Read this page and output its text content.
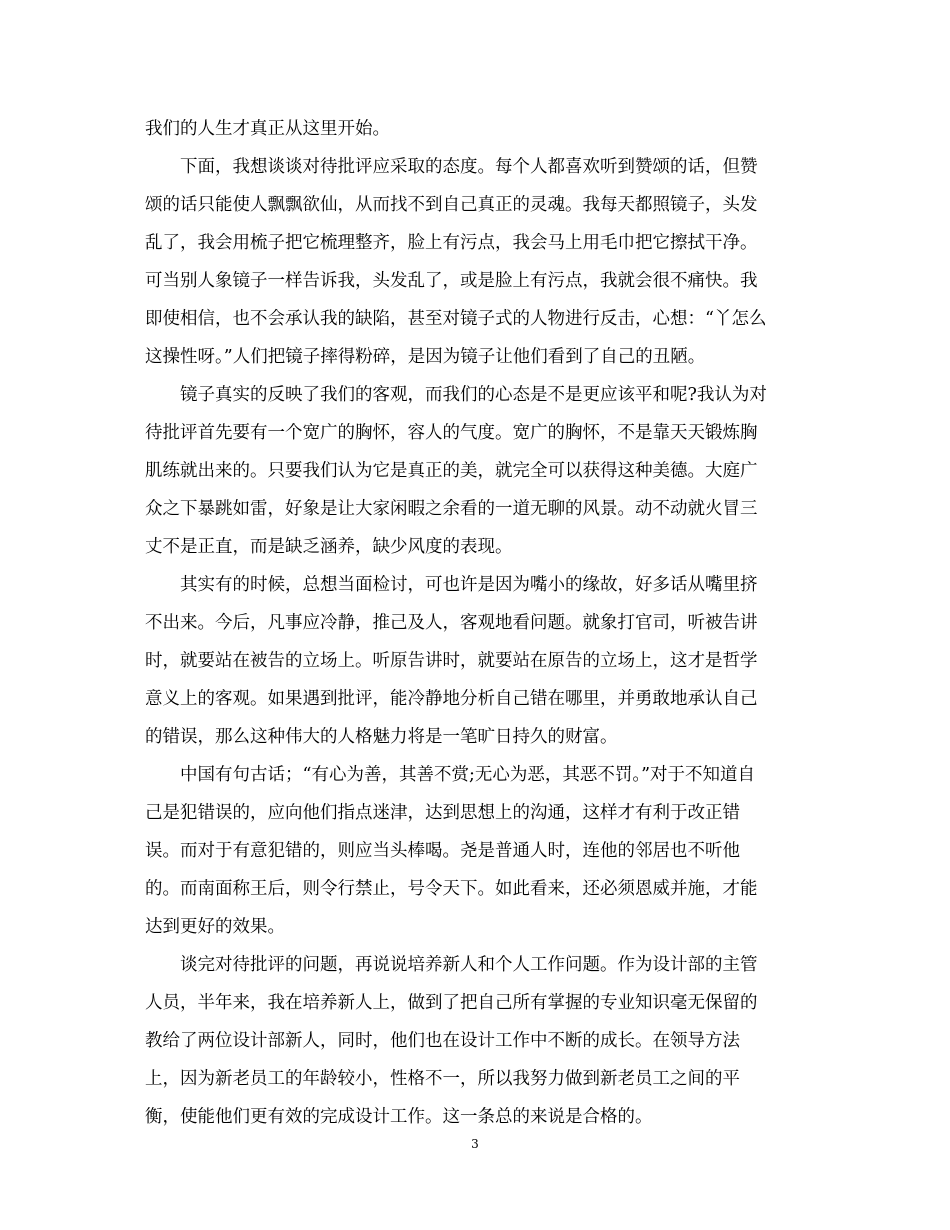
我们的人生才真正从这里开始。
下面，我想谈谈对待批评应采取的态度。每个人都喜欢听到赞颂的话，但赞
颂的话只能使人飘飘欲仙，从而找不到自己真正的灵魂。我每天都照镜子，头发
乱了，我会用梳子把它梳理整齐，脸上有污点，我会马上用毛巾把它擦拭干净。
可当别人象镜子一样告诉我，头发乱了，或是脸上有污点，我就会很不痛快。我
即使相信，也不会承认我的缺陷，甚至对镜子式的人物进行反击，心想：“丫怎么
这操性呀。”人们把镜子摔得粉碎，是因为镜子让他们看到了自己的丑陋。
镜子真实的反映了我们的客观，而我们的心态是不是更应该平和呢?我认为对
待批评首先要有一个宽广的胸怀，容人的气度。宽广的胸怀，不是靠天天锻炼胸
肌练就出来的。只要我们认为它是真正的美，就完全可以获得这种美德。大庭广
众之下暴跳如雷，好象是让大家闲暇之余看的一道无聊的风景。动不动就火冒三
丈不是正直，而是缺乏涵养，缺少风度的表现。
其实有的时候，总想当面检讨，可也许是因为嘴小的缘故，好多话从嘴里挤
不出来。今后，凡事应冷静，推己及人，客观地看问题。就象打官司，听被告讲
时，就要站在被告的立场上。听原告讲时，就要站在原告的立场上，这才是哲学
意义上的客观。如果遇到批评，能冷静地分析自己错在哪里，并勇敢地承认自己
的错误，那么这种伟大的人格魅力将是一笔旷日持久的财富。
中国有句古话；“有心为善，其善不赏;无心为恶，其恶不罚。”对于不知道自
己是犯错误的，应向他们指点迷津，达到思想上的沟通，这样才有利于改正错
误。而对于有意犯错的，则应当头棒喝。尧是普通人时，连他的邻居也不听他
的。而南面称王后，则令行禁止，号令天下。如此看来，还必须恩威并施，才能
达到更好的效果。
谈完对待批评的问题，再说说培养新人和个人工作问题。作为设计部的主管
人员，半年来，我在培养新人上，做到了把自己所有掌握的专业知识毫无保留的
教给了两位设计部新人，同时，他们也在设计工作中不断的成长。在领导方法
上，因为新老员工的年龄较小，性格不一，所以我努力做到新老员工之间的平
衡，使能他们更有效的完成设计工作。这一条总的来说是合格的。
3
